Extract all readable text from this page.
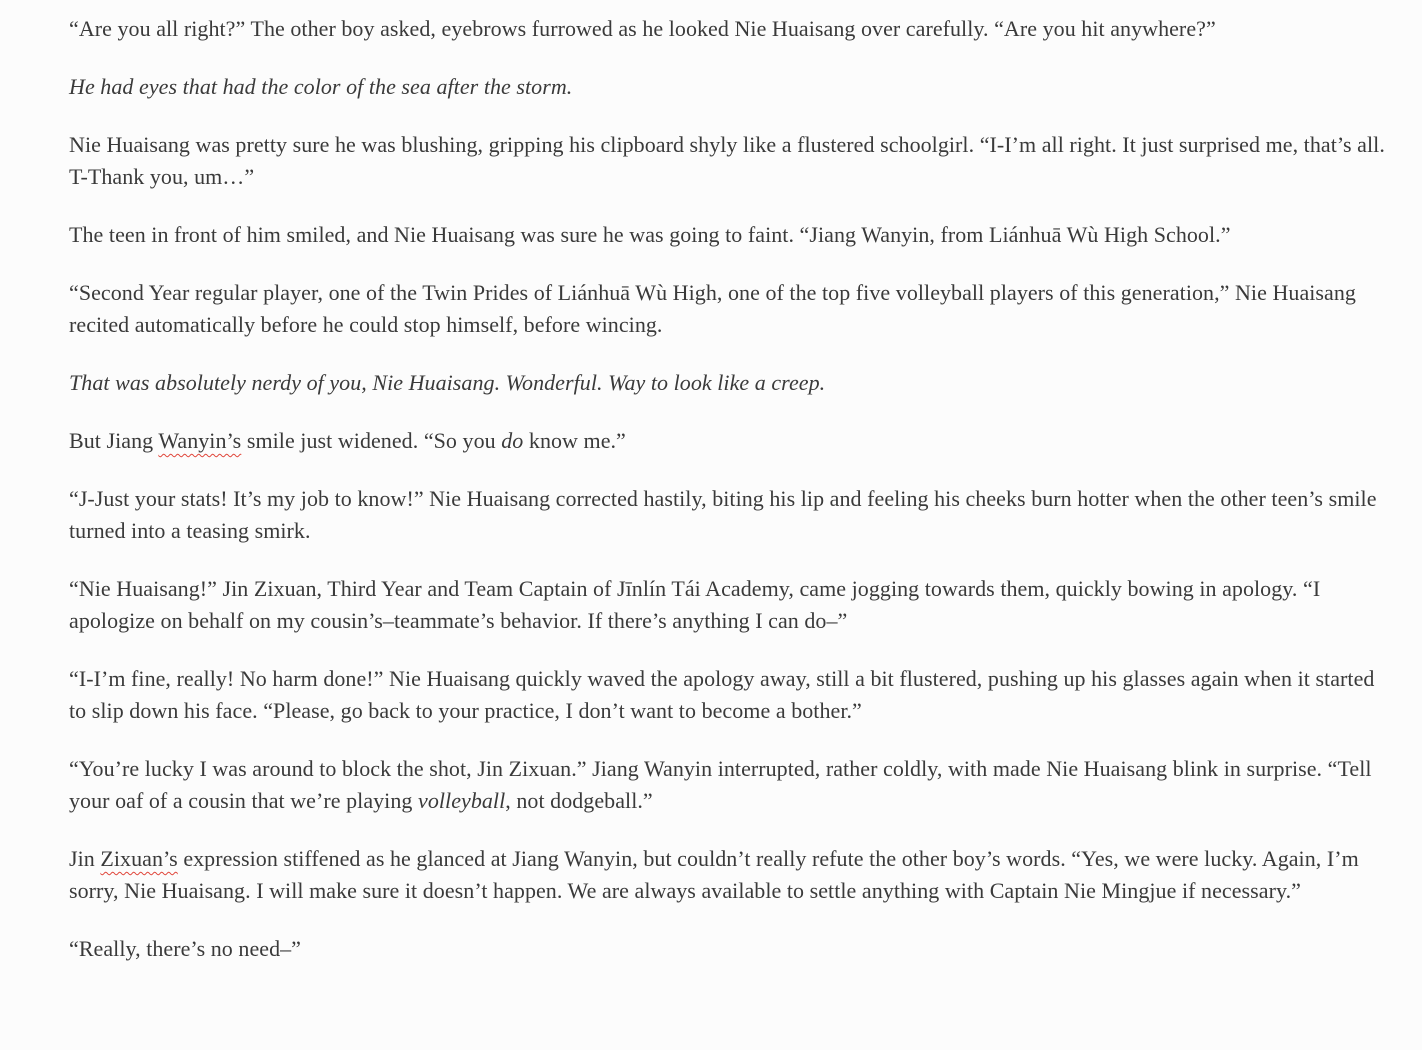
“Are you all right?” The other boy asked, eyebrows furrowed as he looked Nie Huaisang over carefully. “Are you hit anywhere?”

He had eyes that had the color of the sea after the storm.

Nie Huaisang was pretty sure he was blushing, gripping his clipboard shyly like a flustered schoolgirl. “I-I’m all right. It just surprised me, that’s all. T-Thank you, um…”

The teen in front of him smiled, and Nie Huaisang was sure he was going to faint. “Jiang Wanyin, from Liánhuā Wù High School.”

“Second Year regular player, one of the Twin Prides of Liánhuā Wù High, one of the top five volleyball players of this generation,” Nie Huaisang recited automatically before he could stop himself, before wincing.

That was absolutely nerdy of you, Nie Huaisang. Wonderful. Way to look like a creep.

But Jiang Wanyin’s smile just widened. “So you do know me.”

“J-Just your stats! It’s my job to know!” Nie Huaisang corrected hastily, biting his lip and feeling his cheeks burn hotter when the other teen’s smile turned into a teasing smirk.

“Nie Huaisang!” Jin Zixuan, Third Year and Team Captain of Jīnlín Tái Academy, came jogging towards them, quickly bowing in apology. “I apologize on behalf on my cousin’s–teammate’s behavior. If there’s anything I can do–”

“I-I’m fine, really! No harm done!” Nie Huaisang quickly waved the apology away, still a bit flustered, pushing up his glasses again when it started to slip down his face. “Please, go back to your practice, I don’t want to become a bother.”

“You’re lucky I was around to block the shot, Jin Zixuan.” Jiang Wanyin interrupted, rather coldly, with made Nie Huaisang blink in surprise. “Tell your oaf of a cousin that we’re playing volleyball, not dodgeball.”

Jin Zixuan’s expression stiffened as he glanced at Jiang Wanyin, but couldn’t really refute the other boy’s words. “Yes, we were lucky. Again, I’m sorry, Nie Huaisang. I will make sure it doesn’t happen. We are always available to settle anything with Captain Nie Mingjue if necessary.”

“Really, there’s no need–”
